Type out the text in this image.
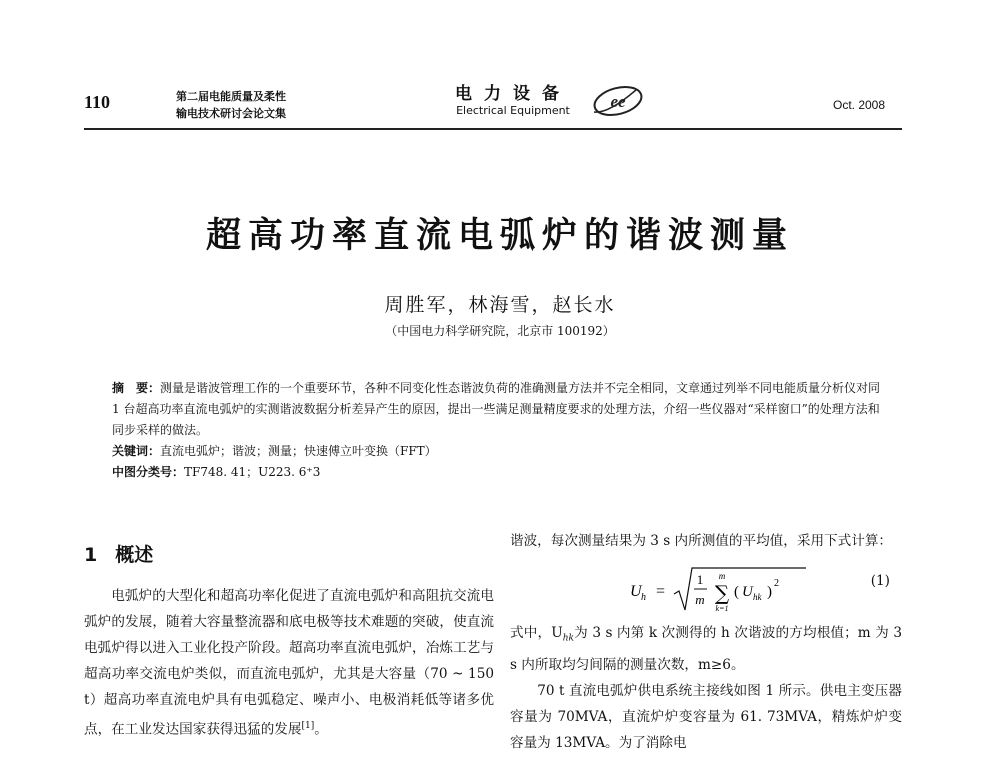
110	第二届电能质量及柔性
输电技术研讨会论文集
电力设备
Electrical Equipment ee	Oct. 2008
超高功率直流电弧炉的谐波测量
周胜军，林海雪，赵长水
（中国电力科学研究院，北京市 100192）

摘　要：测量是谐波管理工作的一个重要环节，各种不同变化性态谐波负荷的准确测量方法并不完全相同，文章通过列举不同电能质量分析仪对同 1 台超高功率直流电弧炉的实测谐波数据分析差异产生的原因，提出一些满足测量精度要求的处理方法，介绍一些仪器对“采样窗口”的处理方法和同步采样的做法。

关键词：直流电弧炉；谐波；测量；快速傅立叶变换（FFT）

中图分类号：TF748. 41；U223. 6⁺3

1 概述

电弧炉的大型化和超高功率化促进了直流电弧炉和高阻抗交流电弧炉的发展，随着大容量整流器和底电极等技术难题的突破，使直流电弧炉得以进入工业化投产阶段。超高功率直流电弧炉，冶炼工艺与超高功率交流电炉类似，而直流电弧炉，尤其是大容量（70 ~ 150 t）超高功率直流电炉具有电弧稳定、噪声小、电极消耗低等诸多优点，在工业发达国家获得迅猛的发展[1]。

谐波，每次测量结果为 3 s 内所测值的平均值，采用下式计算：

U h =
1
m
m
∑
k=1
( U hk )
2	(1)

式中，$U_{hk}$为 3 s 内第 k 次测得的 h 次谐波的方均根值；m 为 3 s 内所取均匀间隔的测量次数，m≥6。

70 t 直流电弧炉供电系统主接线如图 1 所示。供电主变压器容量为 70MVA，直流炉炉变容量为 61. 73MVA，精炼炉炉变容量为 13MVA。为了消除电
